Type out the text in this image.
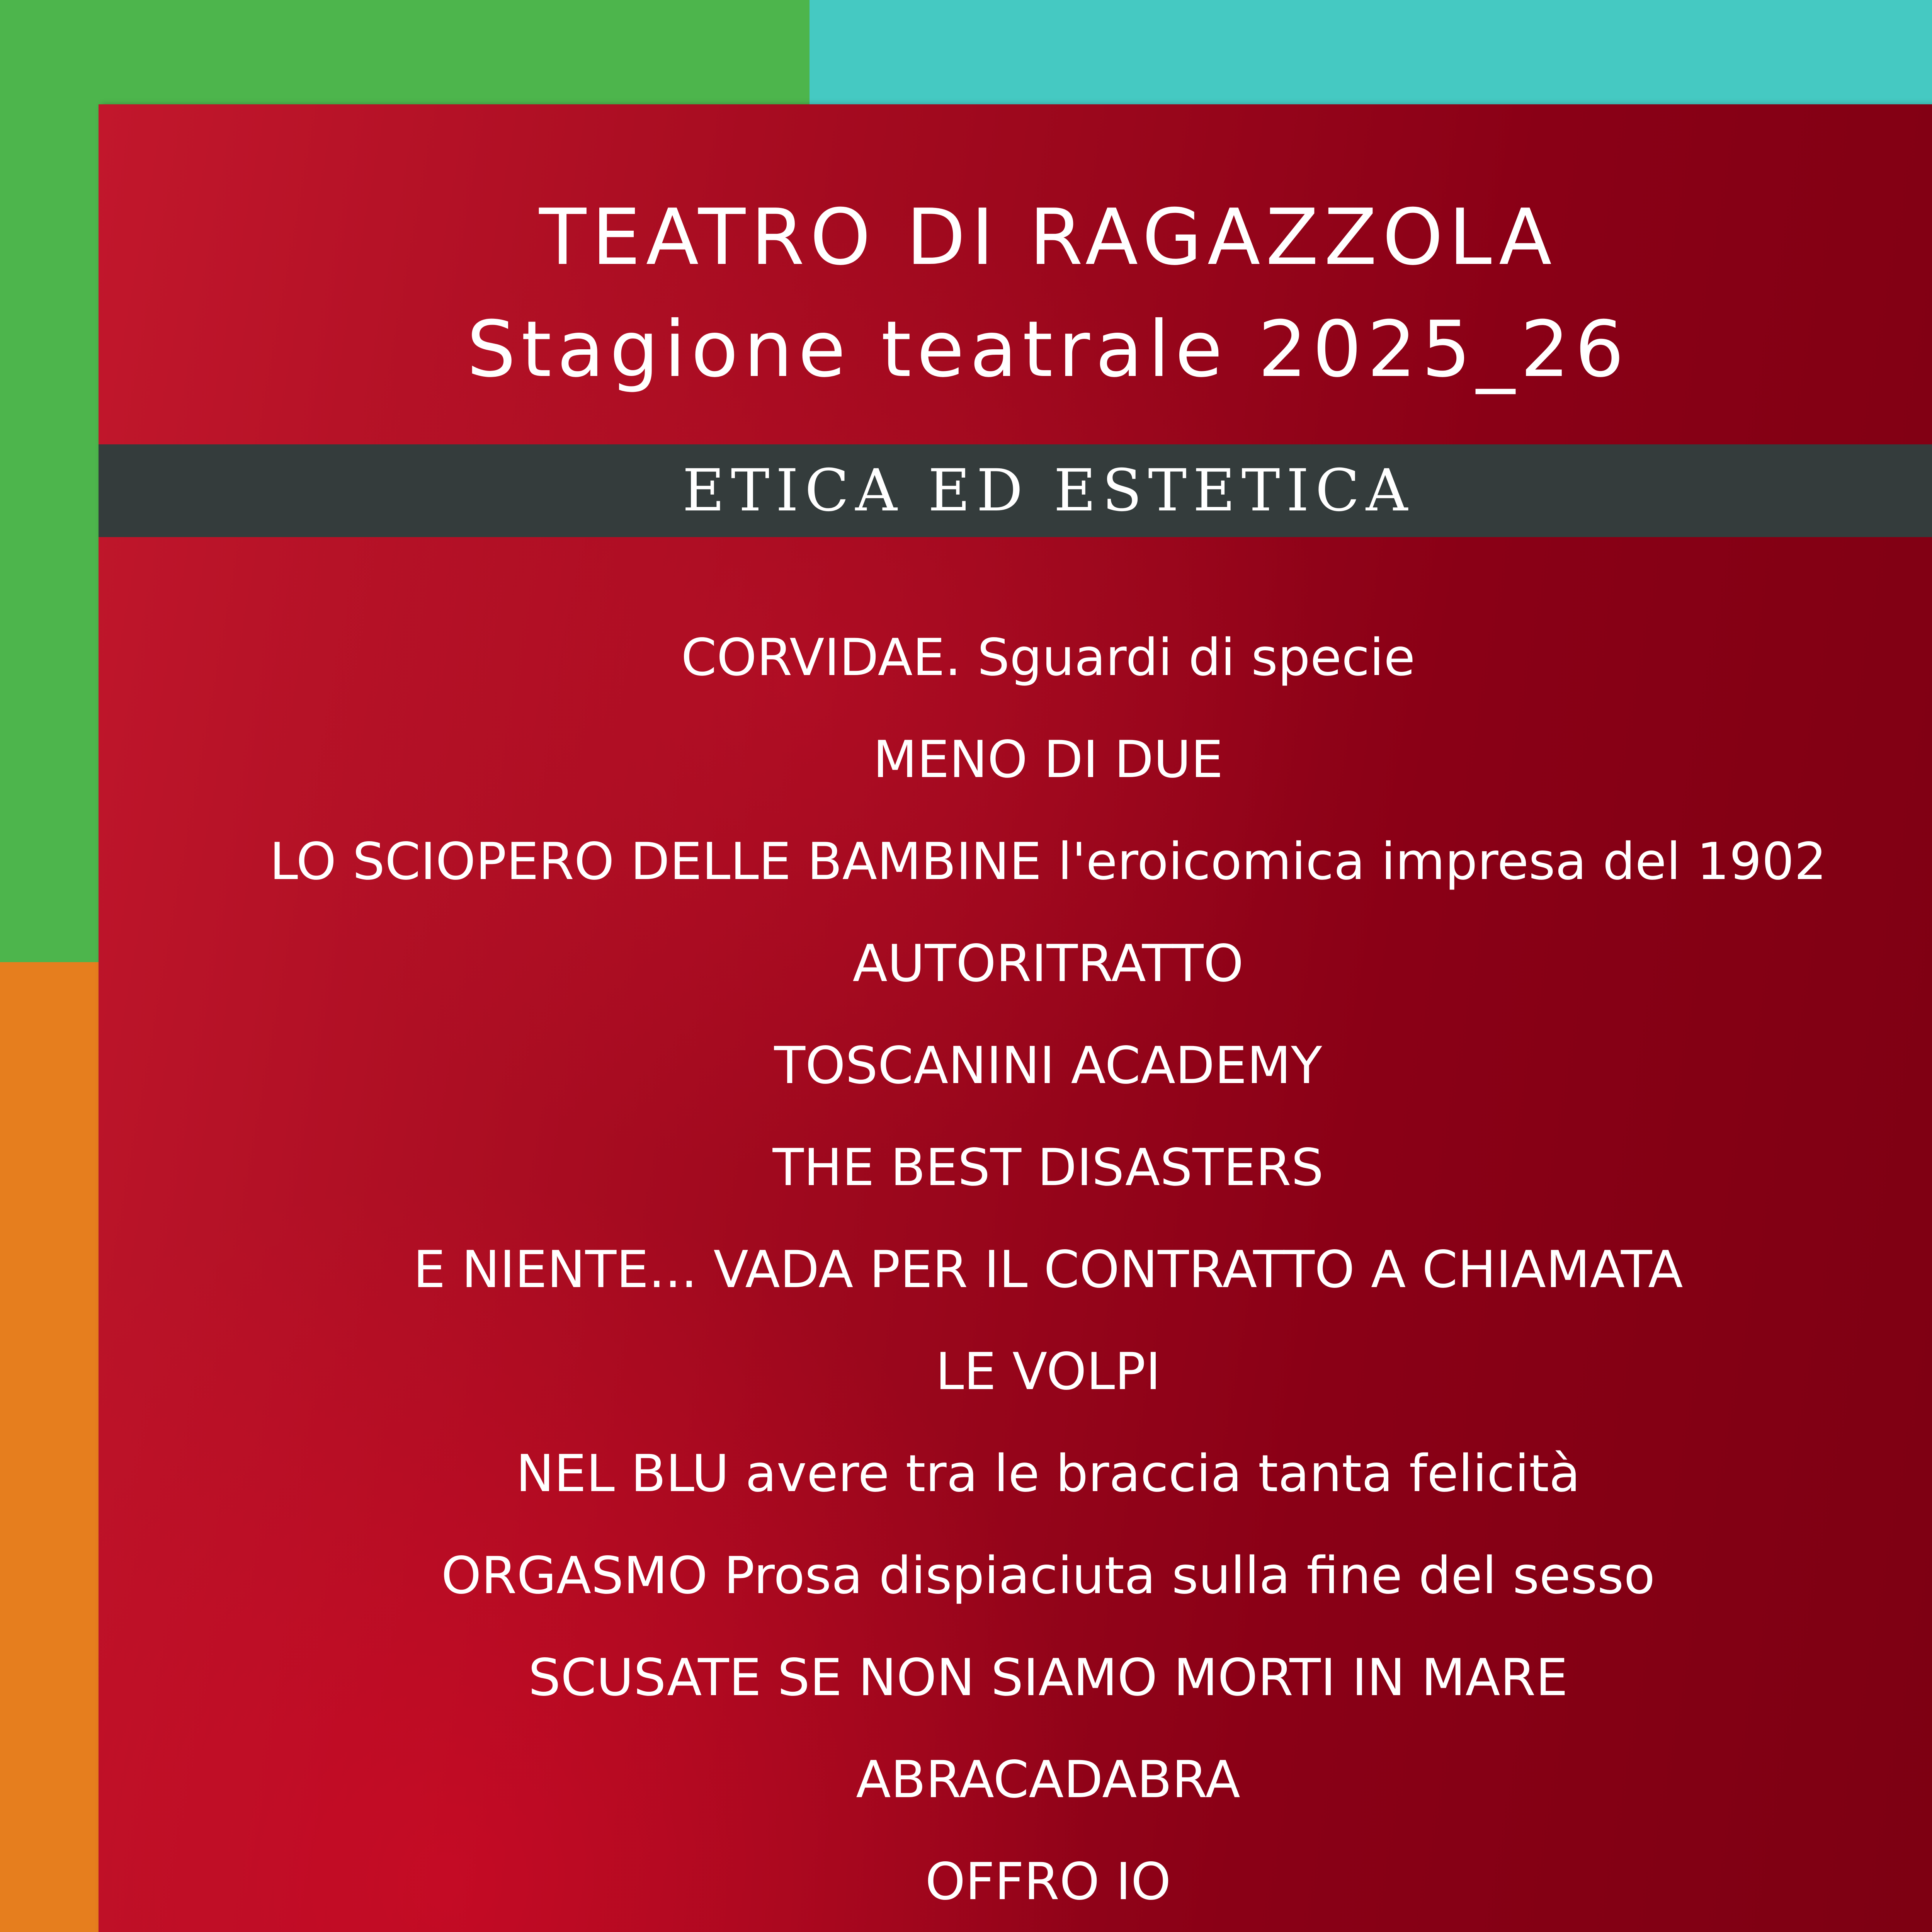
TEATRO DI RAGAZZOLA
Stagione teatrale 2025_26
ETICA ED ESTETICA
CORVIDAE. Sguardi di specie
MENO DI DUE
LO SCIOPERO DELLE BAMBINE l'eroicomica impresa del 1902
AUTORITRATTO
TOSCANINI ACADEMY
THE BEST DISASTERS
E NIENTE... VADA PER IL CONTRATTO A CHIAMATA
LE VOLPI
NEL BLU avere tra le braccia tanta felicità
ORGASMO Prosa dispiaciuta sulla fine del sesso
SCUSATE SE NON SIAMO MORTI IN MARE
ABRACADABRA
OFFRO IO
